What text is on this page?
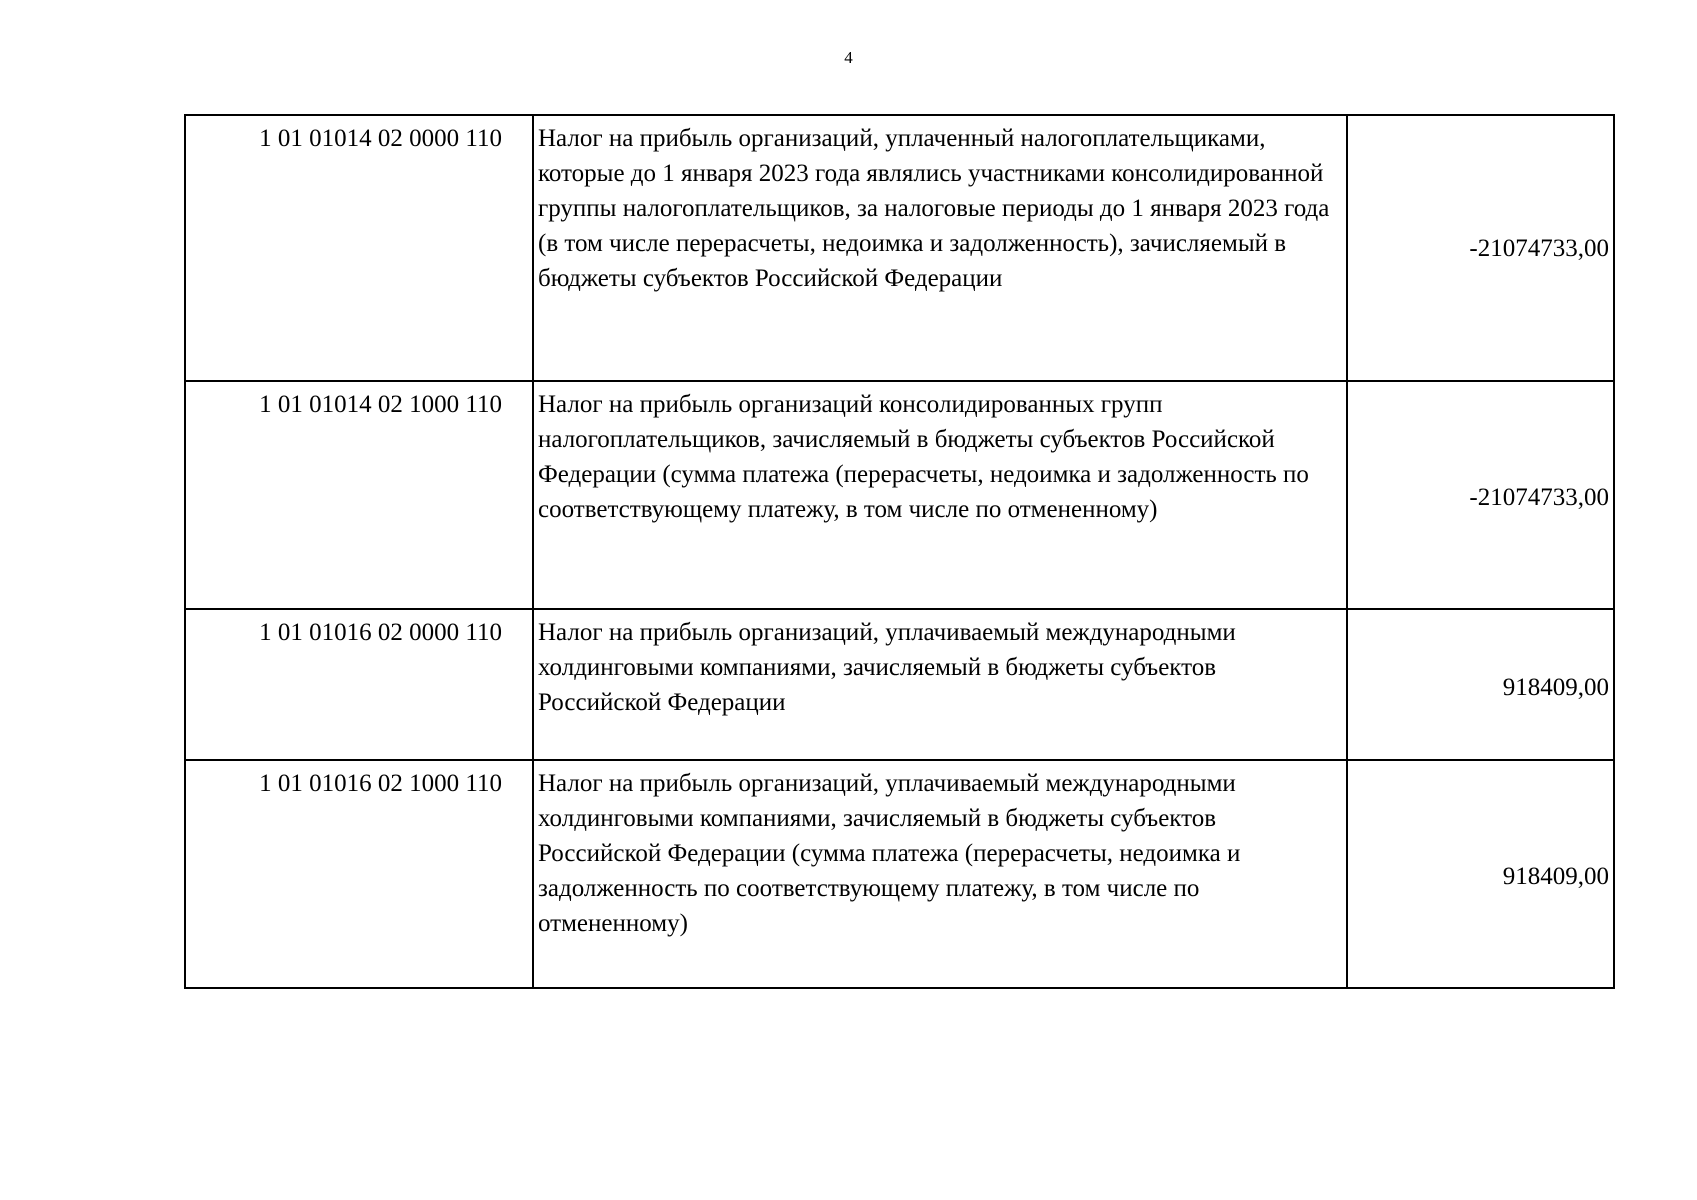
4
1 01 01014 02 0000 110	Налог на прибыль организаций, уплаченный налогоплательщиками, которые до 1 января 2023 года являлись участниками консолидированной группы налогоплательщиков, за налоговые периоды до 1 января 2023 года (в том числе перерасчеты, недоимка и задолженность), зачисляемый в бюджеты субъектов Российской Федерации	-21074733,00
1 01 01014 02 1000 110	Налог на прибыль организаций консолидированных групп налогоплательщиков, зачисляемый в бюджеты субъектов Российской Федерации (сумма платежа (перерасчеты, недоимка и задолженность по соответствующему платежу, в том числе по отмененному)	-21074733,00
1 01 01016 02 0000 110	Налог на прибыль организаций, уплачиваемый международными холдинговыми компаниями, зачисляемый в бюджеты субъектов Российской Федерации	918409,00
1 01 01016 02 1000 110	Налог на прибыль организаций, уплачиваемый международными холдинговыми компаниями, зачисляемый в бюджеты субъектов Российской Федерации (сумма платежа (перерасчеты, недоимка и задолженность по соответствующему платежу, в том числе по отмененному)	918409,00
